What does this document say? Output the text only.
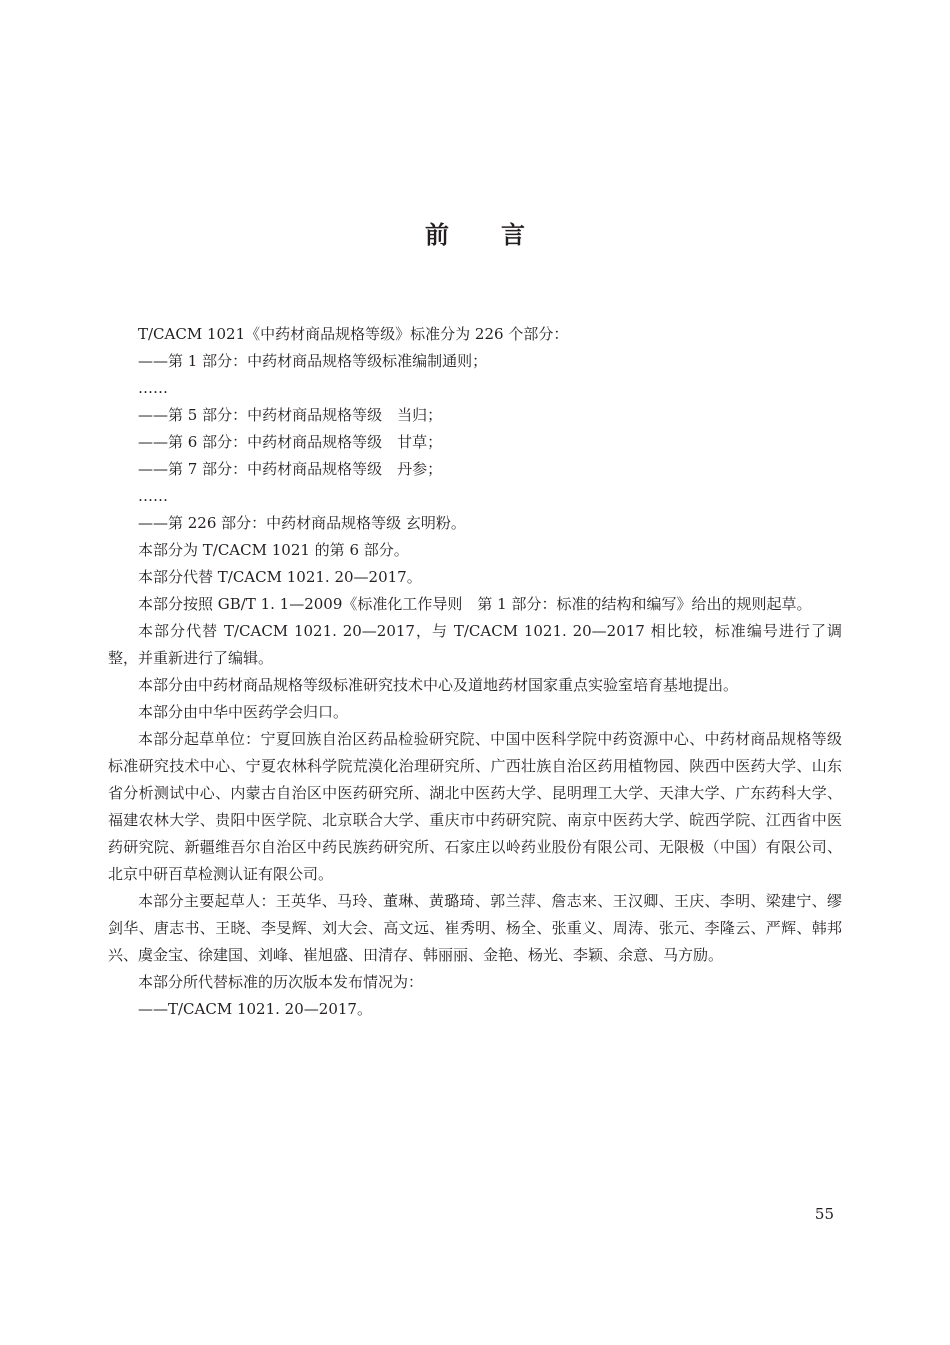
前 言
T/CACM 1021《中药材商品规格等级》标准分为 226 个部分：
——第 1 部分：中药材商品规格等级标准编制通则；
……
——第 5 部分：中药材商品规格等级　当归；
——第 6 部分：中药材商品规格等级　甘草；
——第 7 部分：中药材商品规格等级　丹参；
……
——第 226 部分：中药材商品规格等级 玄明粉。
本部分为 T/CACM 1021 的第 6 部分。
本部分代替 T/CACM 1021. 20—2017。

本部分按照 GB/T 1. 1—2009《标准化工作导则　第 1 部分：标准的结构和编写》给出的规则起草。

本部分代替 T/CACM 1021. 20—2017，与 T/CACM 1021. 20—2017 相比较，标准编号进行了调整，并重新进行了编辑。

本部分由中药材商品规格等级标准研究技术中心及道地药材国家重点实验室培育基地提出。

本部分由中华中医药学会归口。

本部分起草单位：宁夏回族自治区药品检验研究院、中国中医科学院中药资源中心、中药材商品规格等级标准研究技术中心、宁夏农林科学院荒漠化治理研究所、广西壮族自治区药用植物园、陕西中医药大学、山东省分析测试中心、内蒙古自治区中医药研究所、湖北中医药大学、昆明理工大学、天津大学、广东药科大学、福建农林大学、贵阳中医学院、北京联合大学、重庆市中药研究院、南京中医药大学、皖西学院、江西省中医药研究院、新疆维吾尔自治区中药民族药研究所、石家庄以岭药业股份有限公司、无限极（中国）有限公司、北京中研百草检测认证有限公司。

本部分主要起草人：王英华、马玲、董琳、黄璐琦、郭兰萍、詹志来、王汉卿、王庆、李明、梁建宁、缪剑华、唐志书、王晓、李旻辉、刘大会、高文远、崔秀明、杨全、张重义、周涛、张元、李隆云、严辉、韩邦兴、虞金宝、徐建国、刘峰、崔旭盛、田清存、韩丽丽、金艳、杨光、李颖、余意、马方励。

本部分所代替标准的历次版本发布情况为：

——T/CACM 1021. 20—2017。
55
